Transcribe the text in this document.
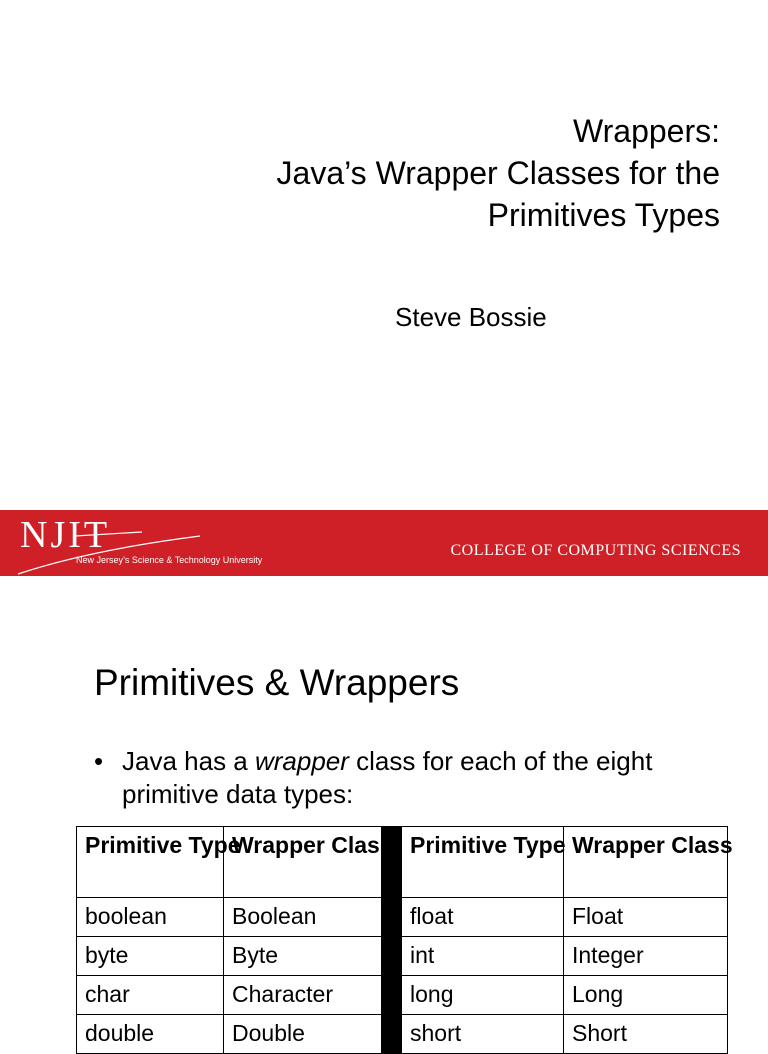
Wrappers:
Java’s Wrapper Classes for the
Primitives Types
Steve Bossie
NJIT
New Jersey’s Science & Technology University
COLLEGE OF COMPUTING SCIENCES
Primitives & Wrappers
• Java has a wrapper class for each of the eight primitive data types:
Primitive Type	Wrapper Class		Primitive Type	Wrapper Class
boolean	Boolean		float	Float
byte	Byte		int	Integer
char	Character		long	Long
double	Double		short	Short
